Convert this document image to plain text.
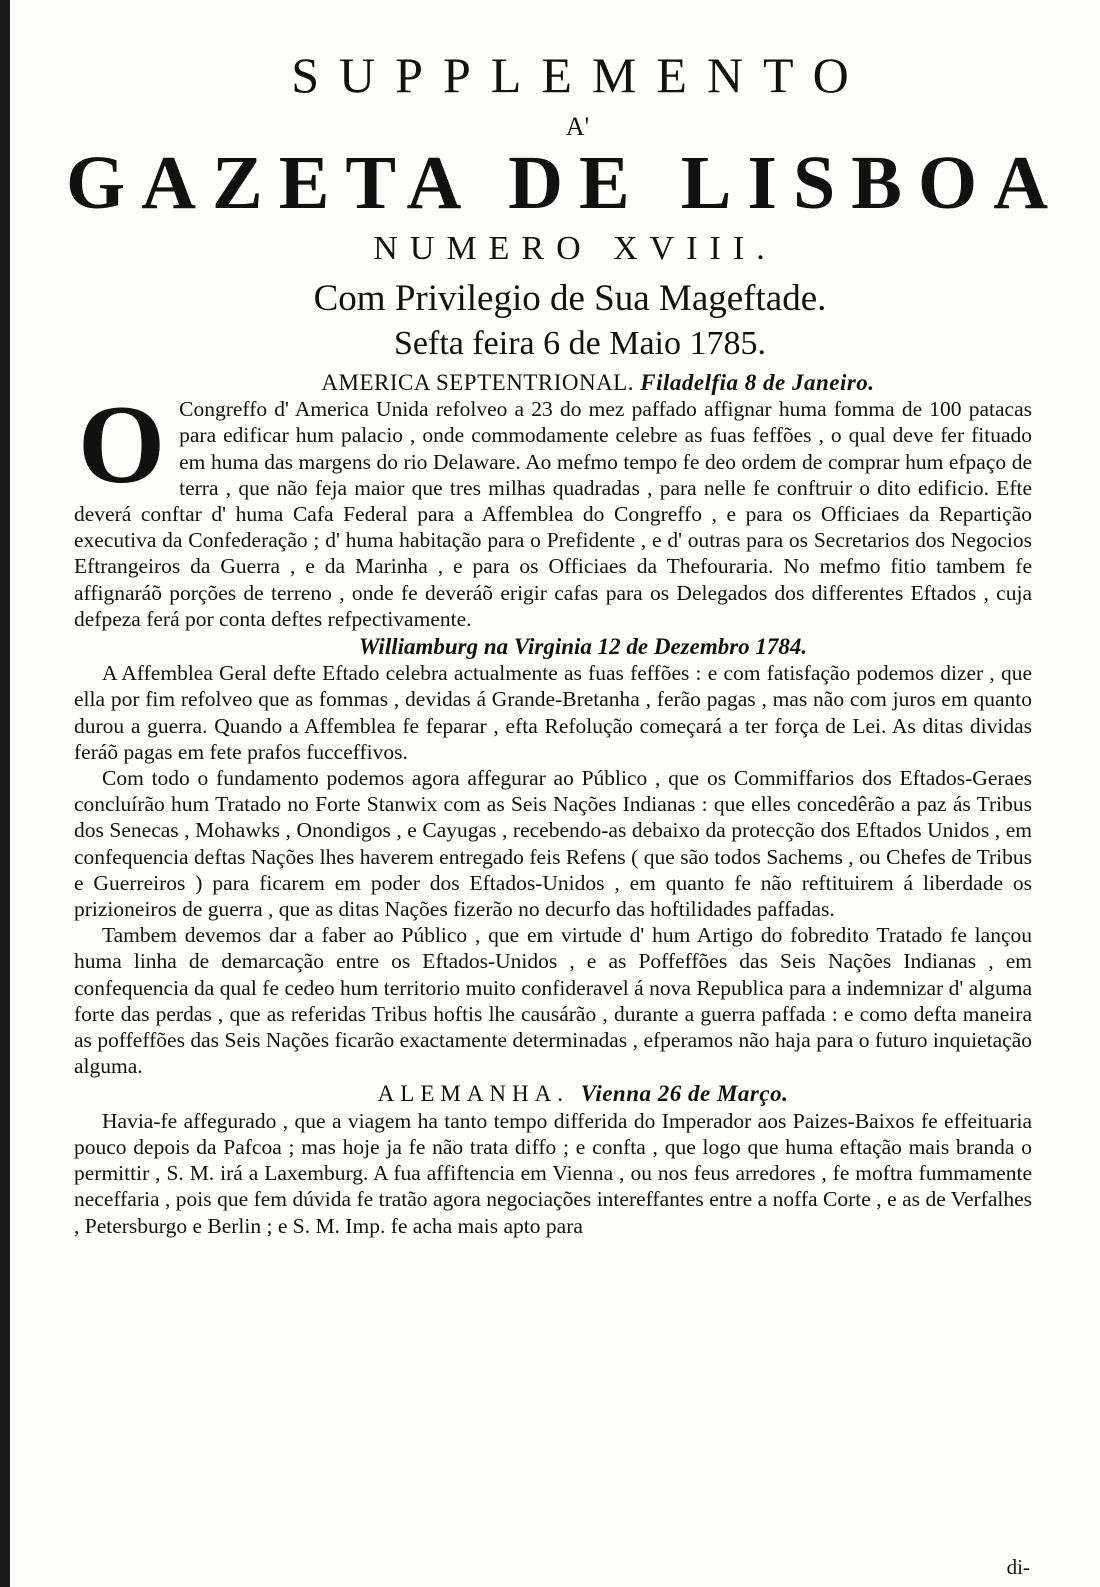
SUPPLEMENTO
A'
GAZETA DE LISBOA
NUMERO XVIII.
Com Privilegio de Sua Mageftade.
Sefta feira 6 de Maio 1785.

AMERICA SEPTENTRIONAL. Filadelfia 8 de Janeiro.

O Congreffo d' America Unida refolveo a 23 do mez paffado affignar huma fomma de 100 patacas para edificar hum palacio , onde commodamente celebre as fuas feffões , o qual deve fer fituado em huma das margens do rio Delaware. Ao mefmo tempo fe deo ordem de comprar hum efpaço de terra , que não feja maior que tres milhas quadradas , para nelle fe conftruir o dito edificio. Efte deverá conftar d' huma Cafa Federal para a Affemblea do Congreffo , e para os Officiaes da Repartição executiva da Confederação ; d' huma habitação para o Prefidente , e d' outras para os Secretarios dos Negocios Eftrangeiros da Guerra , e da Marinha , e para os Officiaes da Thefouraria. No mefmo fitio tambem fe affignaráõ porções de terreno , onde fe deveráõ erigir cafas para os Delegados dos differentes Eftados , cuja defpeza ferá por conta deftes refpectivamente.

Williamburg na Virginia 12 de Dezembro 1784.

A Affemblea Geral defte Eftado celebra actualmente as fuas feffões : e com fatisfação podemos dizer , que ella por fim refolveo que as fommas , devidas á Grande-Bretanha , ferão pagas , mas não com juros em quanto durou a guerra. Quando a Affemblea fe feparar , efta Refolução começará a ter força de Lei. As ditas dividas feráõ pagas em fete prafos fucceffivos.

Com todo o fundamento podemos agora affegurar ao Público , que os Commiffarios dos Eftados-Geraes concluírão hum Tratado no Forte Stanwix com as Seis Nações Indianas : que elles concedêrão a paz ás Tribus dos Senecas , Mohawks , Onondigos , e Cayugas , recebendo-as debaixo da protecção dos Eftados Unidos , em confequencia deftas Nações lhes haverem entregado feis Refens ( que são todos Sachems , ou Chefes de Tribus e Guerreiros ) para ficarem em poder dos Eftados-Unidos , em quanto fe não reftituirem á liberdade os prizioneiros de guerra , que as ditas Nações fizerão no decurfo das hoftilidades paffadas.

Tambem devemos dar a faber ao Público , que em virtude d' hum Artigo do fobredito Tratado fe lançou huma linha de demarcação entre os Eftados-Unidos , e as Poffeffões das Seis Nações Indianas , em confequencia da qual fe cedeo hum territorio muito confideravel á nova Republica para a indemnizar d' alguma forte das perdas , que as referidas Tribus hoftis lhe causárão , durante a guerra paffada : e como defta maneira as poffeffões das Seis Nações ficarão exactamente determinadas , efperamos não haja para o futuro inquietação alguma.

ALEMANHA. Vienna 26 de Março.

Havia-fe affegurado , que a viagem ha tanto tempo differida do Imperador aos Paizes-Baixos fe effeituaria pouco depois da Pafcoa ; mas hoje ja fe não trata diffo ; e confta , que logo que huma eftação mais branda o permittir , S. M. irá a Laxemburg. A fua affiftencia em Vienna , ou nos feus arredores , fe moftra fummamente neceffaria , pois que fem dúvida fe tratão agora negociações intereffantes entre a noffa Corte , e as de Verfalhes , Petersburgo e Berlin ; e S. M. Imp. fe acha mais apto para

di-
